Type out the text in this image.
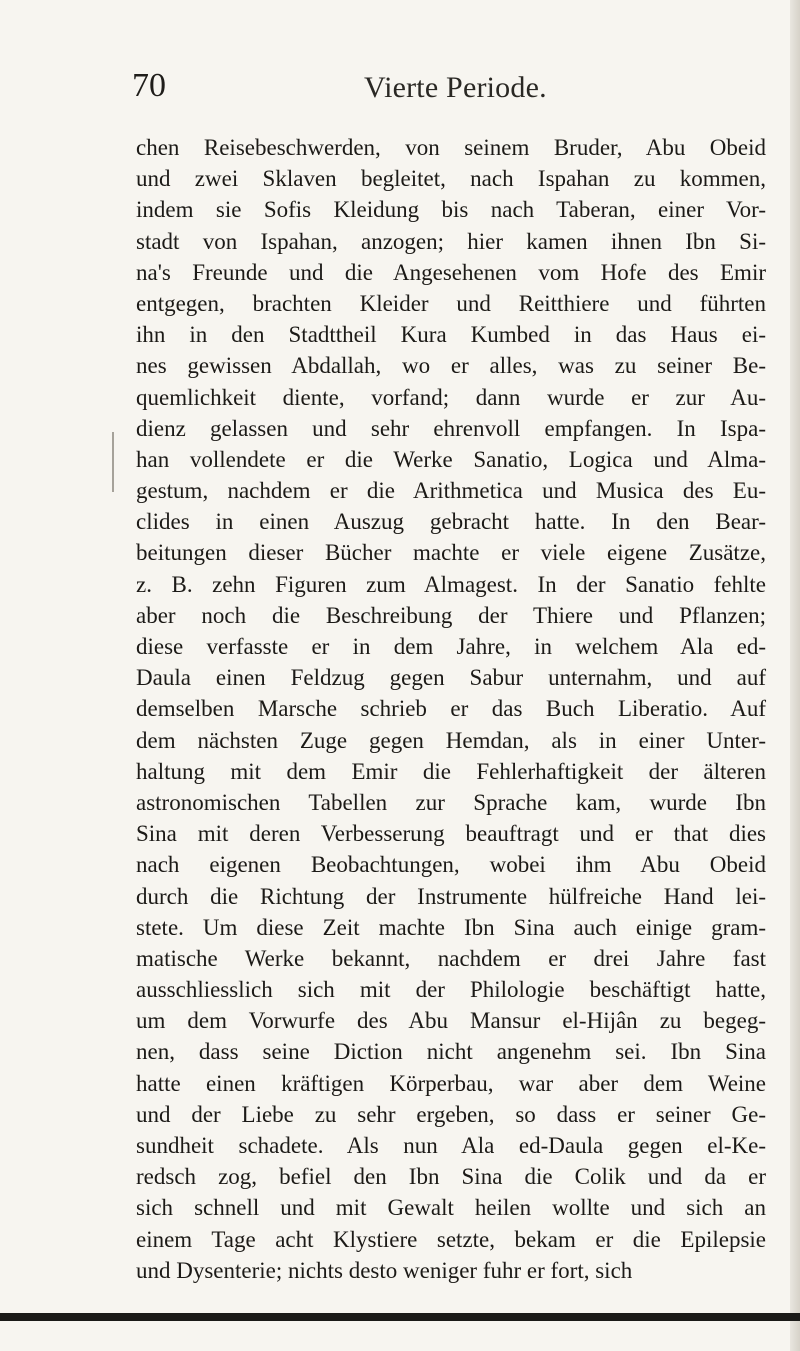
70	Vierte Periode.
chen Reisebeschwerden, von seinem Bruder, Abu Obeid
und zwei Sklaven begleitet, nach Ispahan zu kommen,
indem sie Sofis Kleidung bis nach Taberan, einer Vor-
stadt von Ispahan, anzogen; hier kamen ihnen Ibn Si-
na's Freunde und die Angesehenen vom Hofe des Emir
entgegen, brachten Kleider und Reitthiere und führten
ihn in den Stadttheil Kura Kumbed in das Haus ei-
nes gewissen Abdallah, wo er alles, was zu seiner Be-
quemlichkeit diente, vorfand; dann wurde er zur Au-
dienz gelassen und sehr ehrenvoll empfangen. In Ispa-
han vollendete er die Werke Sanatio, Logica und Alma-
gestum, nachdem er die Arithmetica und Musica des Eu-
clides in einen Auszug gebracht hatte. In den Bear-
beitungen dieser Bücher machte er viele eigene Zusätze,
z. B. zehn Figuren zum Almagest. In der Sanatio fehlte
aber noch die Beschreibung der Thiere und Pflanzen;
diese verfasste er in dem Jahre, in welchem Ala ed-
Daula einen Feldzug gegen Sabur unternahm, und auf
demselben Marsche schrieb er das Buch Liberatio. Auf
dem nächsten Zuge gegen Hemdan, als in einer Unter-
haltung mit dem Emir die Fehlerhaftigkeit der älteren
astronomischen Tabellen zur Sprache kam, wurde Ibn
Sina mit deren Verbesserung beauftragt und er that dies
nach eigenen Beobachtungen, wobei ihm Abu Obeid
durch die Richtung der Instrumente hülfreiche Hand lei-
stete. Um diese Zeit machte Ibn Sina auch einige gram-
matische Werke bekannt, nachdem er drei Jahre fast
ausschliesslich sich mit der Philologie beschäftigt hatte,
um dem Vorwurfe des Abu Mansur el-Hijân zu begeg-
nen, dass seine Diction nicht angenehm sei. Ibn Sina
hatte einen kräftigen Körperbau, war aber dem Weine
und der Liebe zu sehr ergeben, so dass er seiner Ge-
sundheit schadete. Als nun Ala ed-Daula gegen el-Ke-
redsch zog, befiel den Ibn Sina die Colik und da er
sich schnell und mit Gewalt heilen wollte und sich an
einem Tage acht Klystiere setzte, bekam er die Epilepsie
und Dysenterie; nichts desto weniger fuhr er fort, sich
